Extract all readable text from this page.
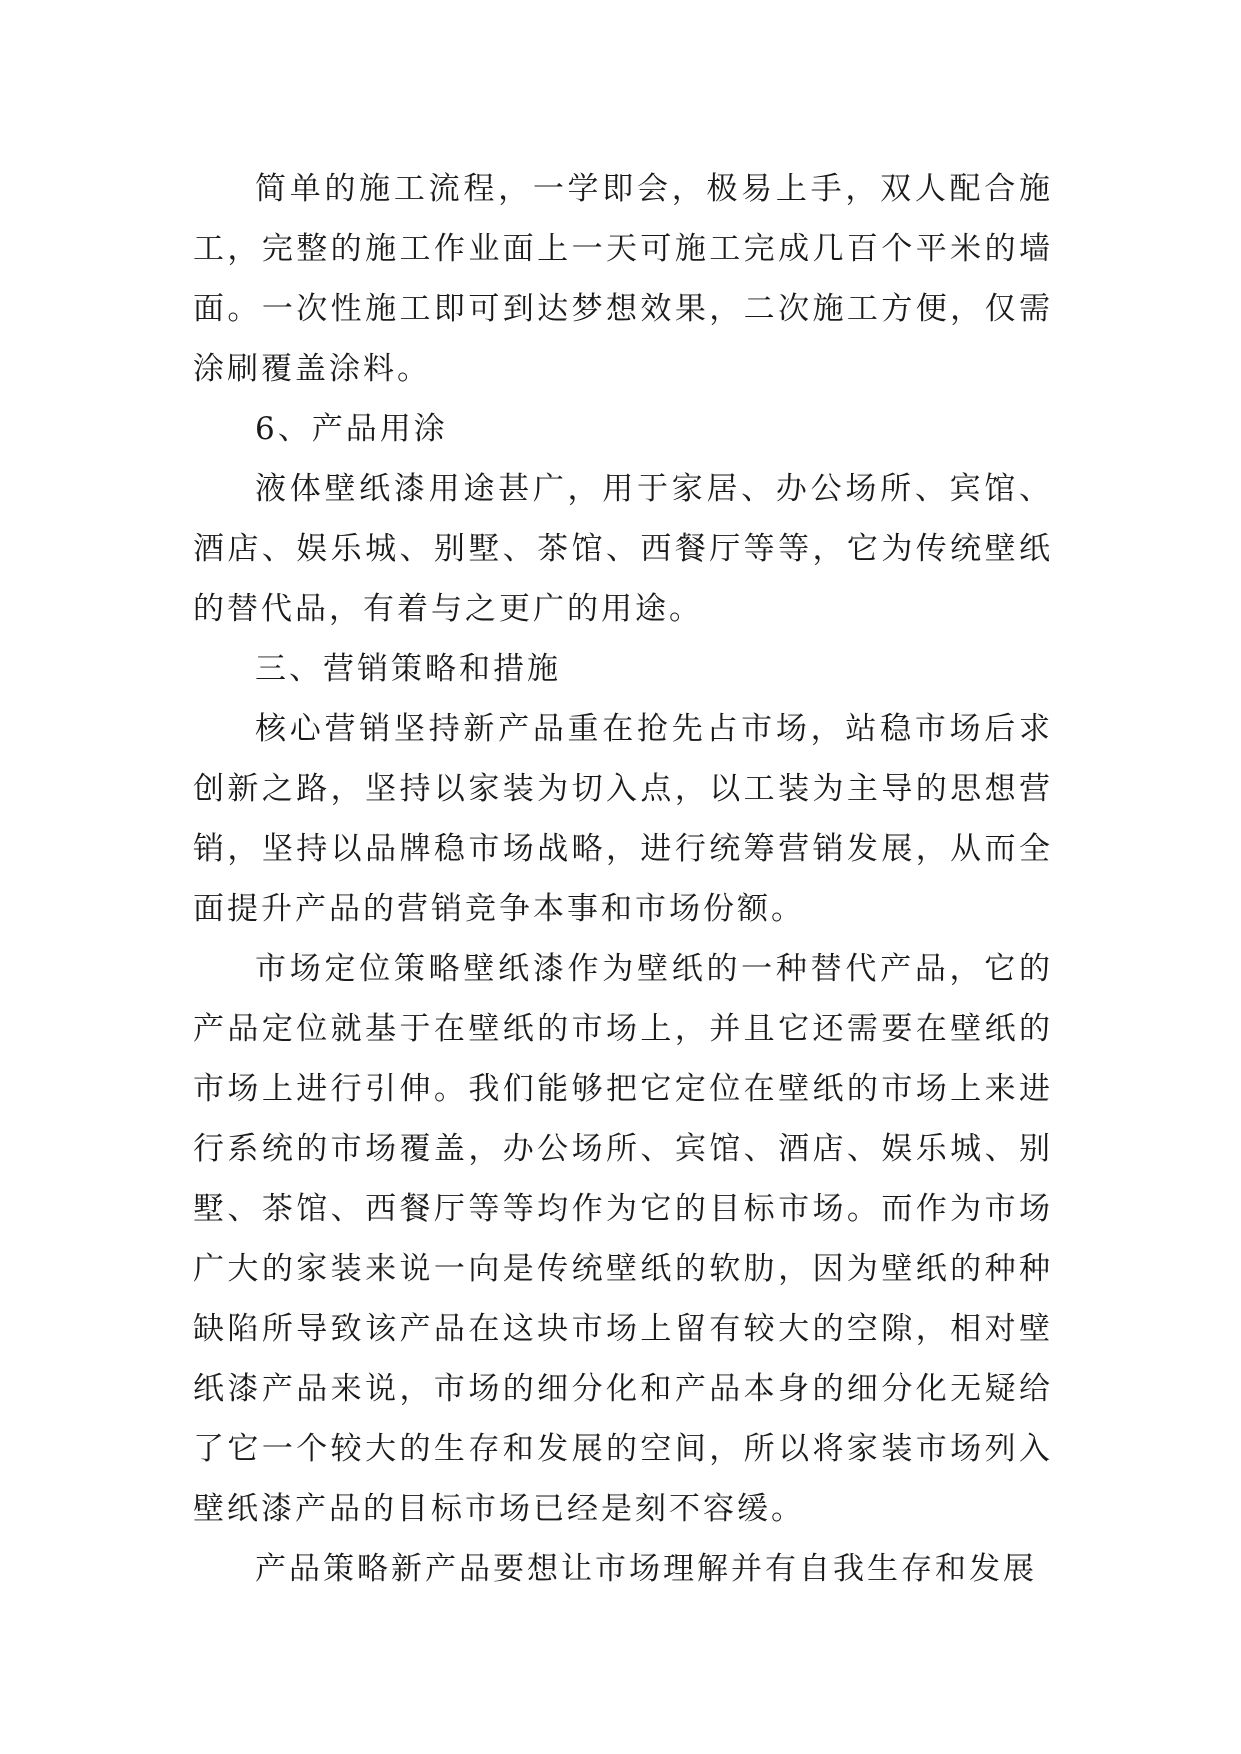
简单的施工流程，一学即会，极易上手，双人配合施工，完整的施工作业面上一天可施工完成几百个平米的墙面。一次性施工即可到达梦想效果，二次施工方便，仅需涂刷覆盖涂料。

6、产品用涂

液体壁纸漆用途甚广，用于家居、办公场所、宾馆、酒店、娱乐城、别墅、茶馆、西餐厅等等，它为传统壁纸的替代品，有着与之更广的用途。

三、营销策略和措施

核心营销坚持新产品重在抢先占市场，站稳市场后求创新之路，坚持以家装为切入点，以工装为主导的思想营销，坚持以品牌稳市场战略，进行统筹营销发展，从而全面提升产品的营销竞争本事和市场份额。

市场定位策略壁纸漆作为壁纸的一种替代产品，它的产品定位就基于在壁纸的市场上，并且它还需要在壁纸的市场上进行引伸。我们能够把它定位在壁纸的市场上来进行系统的市场覆盖，办公场所、宾馆、酒店、娱乐城、别墅、茶馆、西餐厅等等均作为它的目标市场。而作为市场广大的家装来说一向是传统壁纸的软肋，因为壁纸的种种缺陷所导致该产品在这块市场上留有较大的空隙，相对壁纸漆产品来说，市场的细分化和产品本身的细分化无疑给了它一个较大的生存和发展的空间，所以将家装市场列入壁纸漆产品的目标市场已经是刻不容缓。

产品策略新产品要想让市场理解并有自我生存和发展
